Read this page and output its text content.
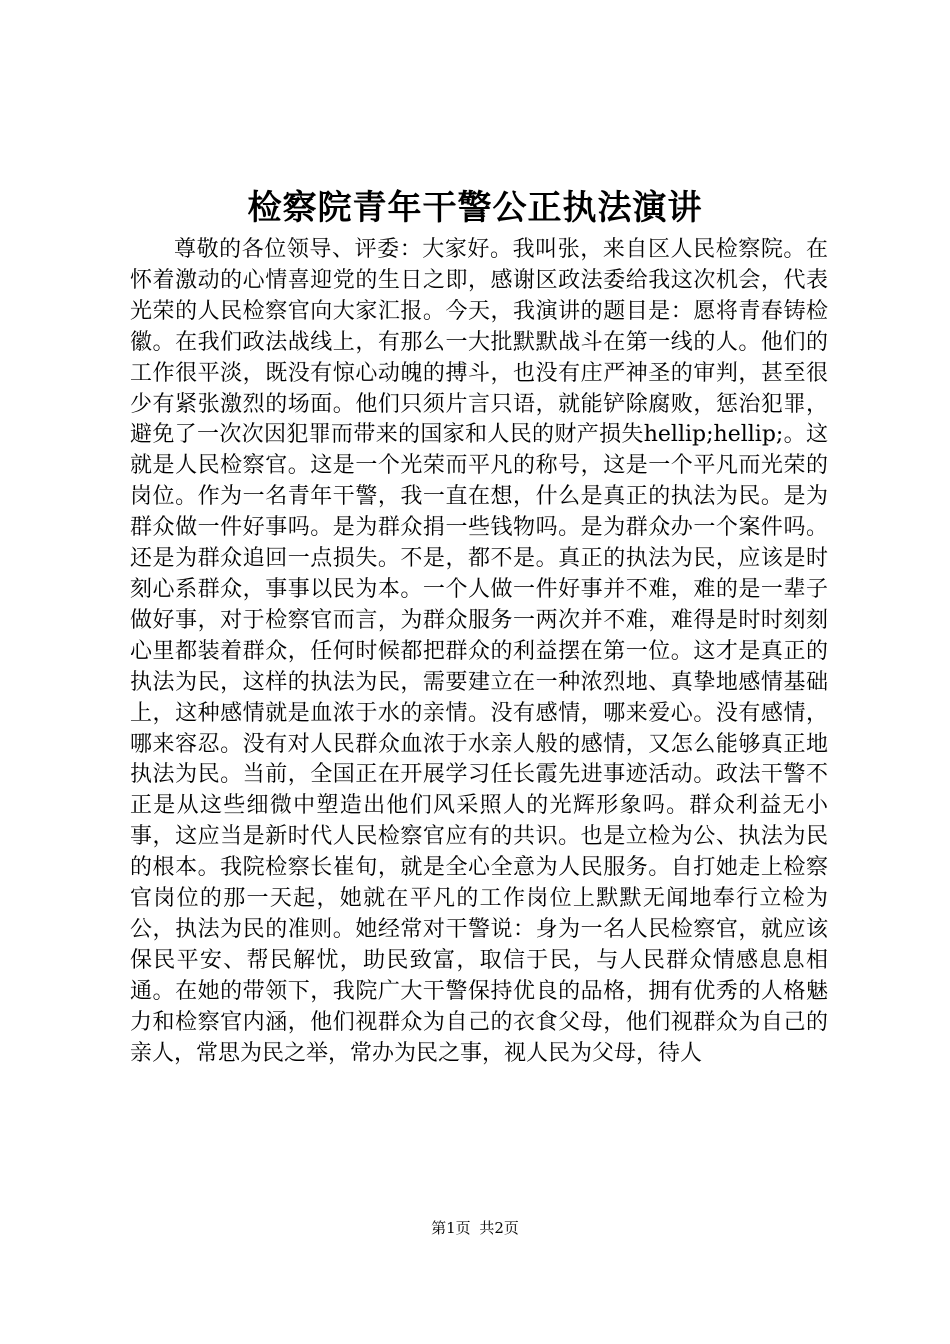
检察院青年干警公正执法演讲

尊敬的各位领导、评委：大家好。我叫张，来自区人民检察院。在怀着激动的心情喜迎党的生日之即，感谢区政法委给我这次机会，代表光荣的人民检察官向大家汇报。今天，我演讲的题目是：愿将青春铸检徽。在我们政法战线上，有那么一大批默默战斗在第一线的人。他们的工作很平淡，既没有惊心动魄的搏斗，也没有庄严神圣的审判，甚至很少有紧张激烈的场面。他们只须片言只语，就能铲除腐败，惩治犯罪，避免了一次次因犯罪而带来的国家和人民的财产损失hellip;hellip;。这就是人民检察官。这是一个光荣而平凡的称号，这是一个平凡而光荣的岗位。作为一名青年干警，我一直在想，什么是真正的执法为民。是为群众做一件好事吗。是为群众捐一些钱物吗。是为群众办一个案件吗。还是为群众追回一点损失。不是，都不是。真正的执法为民，应该是时刻心系群众，事事以民为本。一个人做一件好事并不难，难的是一辈子做好事，对于检察官而言，为群众服务一两次并不难，难得是时时刻刻心里都装着群众，任何时候都把群众的利益摆在第一位。这才是真正的执法为民，这样的执法为民，需要建立在一种浓烈地、真挚地感情基础上，这种感情就是血浓于水的亲情。没有感情，哪来爱心。没有感情，哪来容忍。没有对人民群众血浓于水亲人般的感情，又怎么能够真正地执法为民。当前，全国正在开展学习任长霞先进事迹活动。政法干警不正是从这些细微中塑造出他们风采照人的光辉形象吗。群众利益无小事，这应当是新时代人民检察官应有的共识。也是立检为公、执法为民的根本。我院检察长崔旬，就是全心全意为人民服务。自打她走上检察官岗位的那一天起，她就在平凡的工作岗位上默默无闻地奉行立检为公，执法为民的准则。她经常对干警说：身为一名人民检察官，就应该保民平安、帮民解忧，助民致富，取信于民，与人民群众情感息息相通。在她的带领下，我院广大干警保持优良的品格，拥有优秀的人格魅力和检察官内涵，他们视群众为自己的衣食父母，他们视群众为自己的亲人，常思为民之举，常办为民之事，视人民为父母，待人

第1页 共2页
